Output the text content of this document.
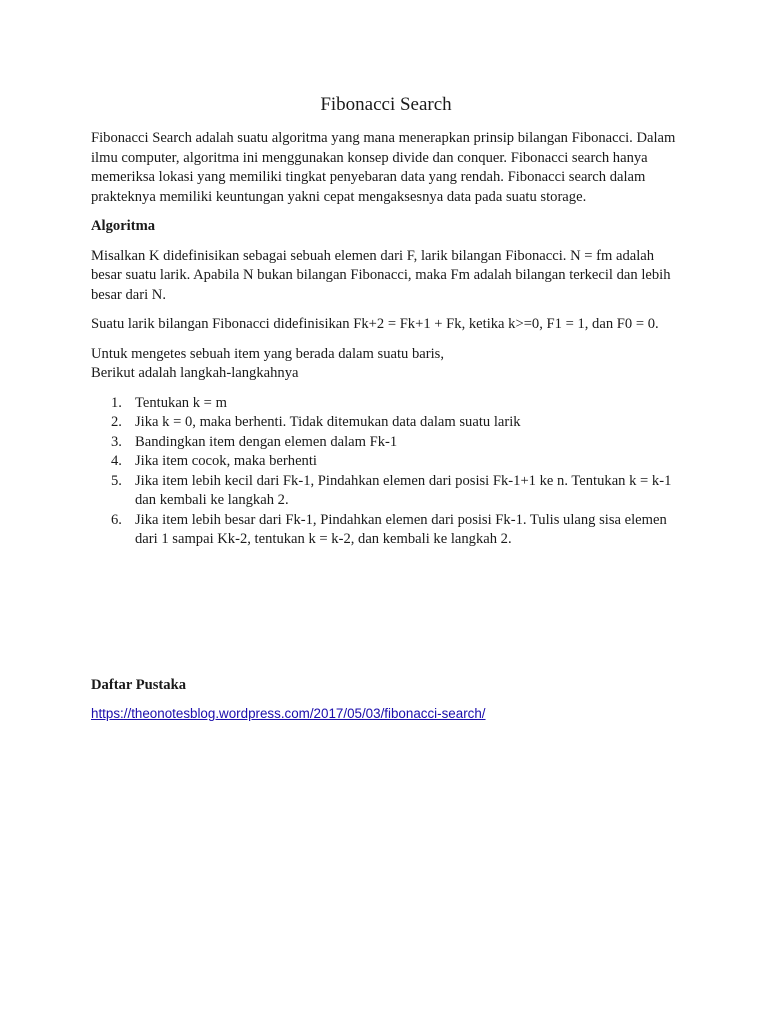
Fibonacci Search

Fibonacci Search adalah suatu algoritma yang mana menerapkan prinsip bilangan Fibonacci. Dalam ilmu computer, algoritma ini menggunakan konsep divide dan conquer. Fibonacci search hanya memeriksa lokasi yang memiliki tingkat penyebaran data yang rendah. Fibonacci search dalam prakteknya memiliki keuntungan yakni cepat mengaksesnya data pada suatu storage.

Algoritma

Misalkan K didefinisikan sebagai sebuah elemen dari F, larik bilangan Fibonacci. N = fm adalah besar suatu larik. Apabila N bukan bilangan Fibonacci, maka Fm adalah bilangan terkecil dan lebih besar dari N.

Suatu larik bilangan Fibonacci didefinisikan Fk+2 = Fk+1 + Fk, ketika k>=0, F1 = 1, dan F0 = 0.

Untuk mengetes sebuah item yang berada dalam suatu baris,
Berikut adalah langkah-langkahnya

1. Tentukan k = m
2. Jika k = 0, maka berhenti. Tidak ditemukan data dalam suatu larik
3. Bandingkan item dengan elemen dalam Fk-1
4. Jika item cocok, maka berhenti
5. Jika item lebih kecil dari Fk-1, Pindahkan elemen dari posisi Fk-1+1 ke n. Tentukan k = k-1 dan kembali ke langkah 2.
6. Jika item lebih besar dari Fk-1, Pindahkan elemen dari posisi Fk-1. Tulis ulang sisa elemen dari 1 sampai Kk-2, tentukan k = k-2, dan kembali ke langkah 2.

Daftar Pustaka

https://theonotesblog.wordpress.com/2017/05/03/fibonacci-search/
